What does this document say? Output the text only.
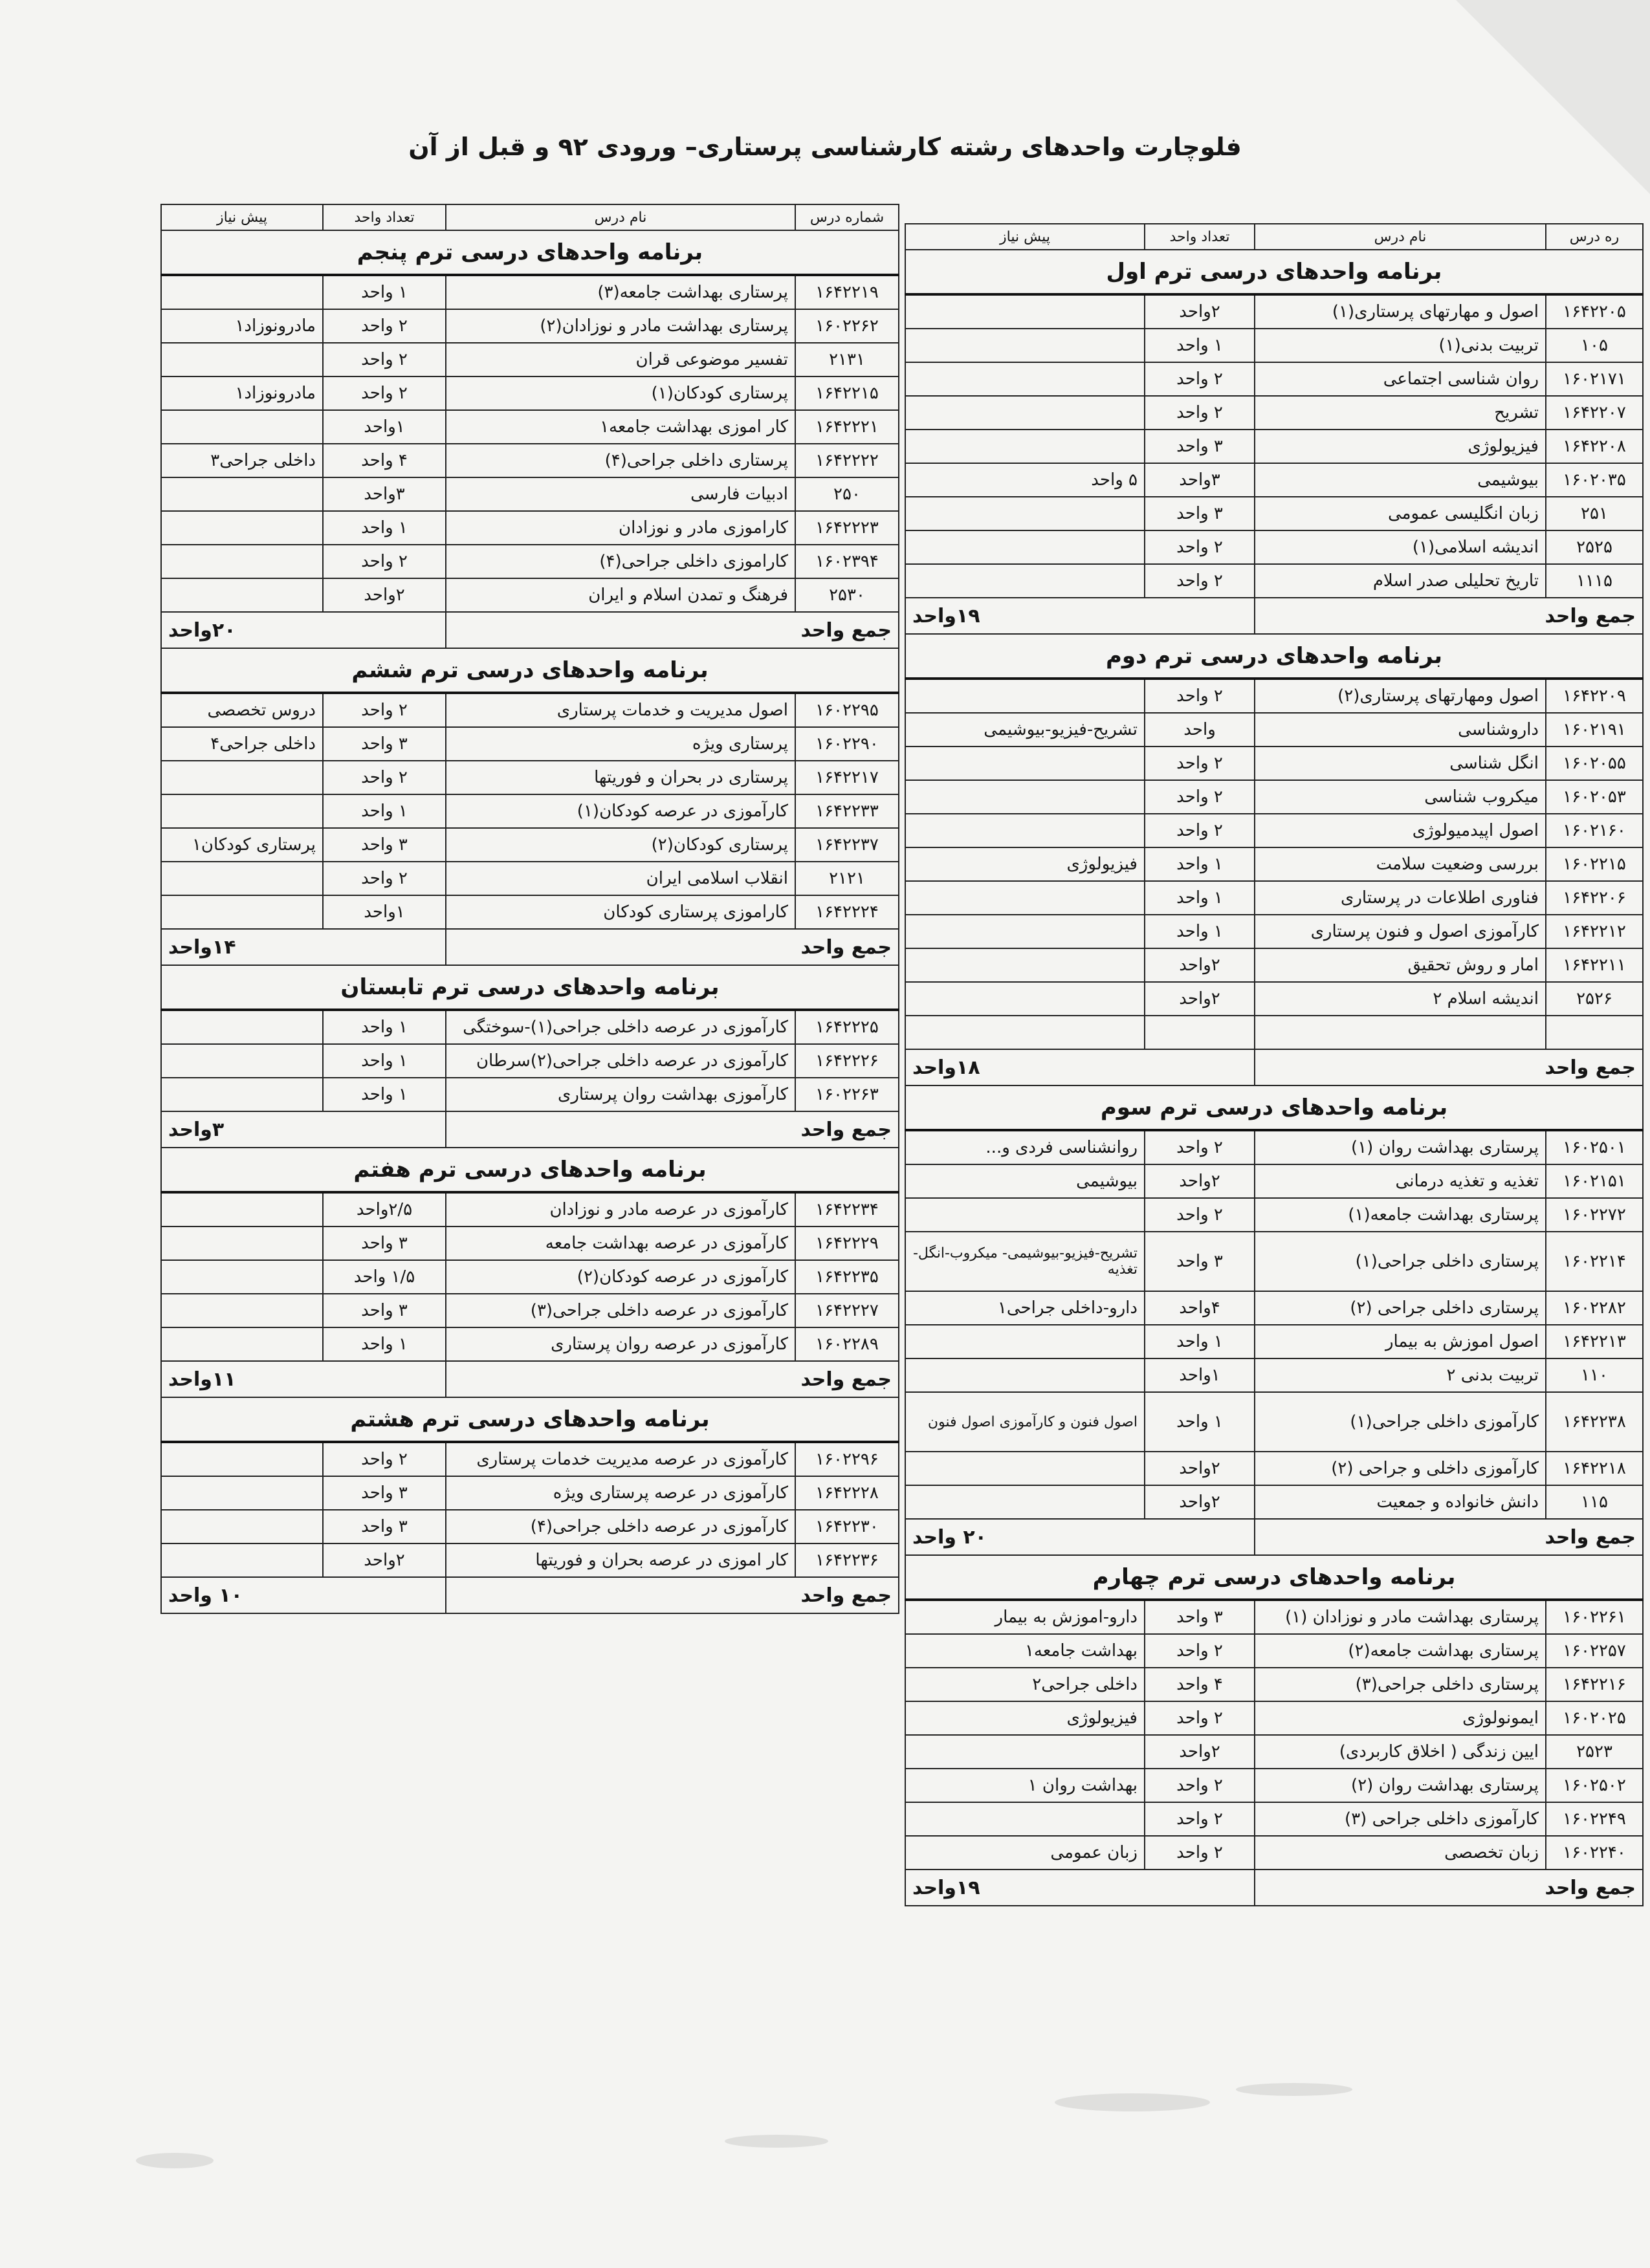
فلوچارت واحدهای رشته کارشناسی پرستاری– ورودی ۹۲ و قبل از آن
ره درس	نام درس	تعداد واحد	پیش نیاز
برنامه واحدهای درسی ترم اول			
۱۶۴۲۲۰۵	اصول و مهارتهای پرستاری(۱)	۲واحد	
۱۰۵	تربیت بدنی(۱)	۱ واحد	
۱۶۰۲۱۷۱	روان شناسی اجتماعی	۲ واحد	
۱۶۴۲۲۰۷	تشریح	۲ واحد	
۱۶۴۲۲۰۸	فیزیولوژی	۳ واحد	
۱۶۰۲۰۳۵	بیوشیمی	۳واحد	۵ واحد
۲۵۱	زبان انگلیسی عمومی	۳ واحد	
۲۵۲۵	اندیشه اسلامی(۱)	۲ واحد	
۱۱۱۵	تاریخ تحلیلی صدر اسلام	۲ واحد	
جمع واحد		۱۹واحد	
برنامه واحدهای درسی ترم دوم			
۱۶۴۲۲۰۹	اصول ومهارتهای پرستاری(۲)	۲ واحد	
۱۶۰۲۱۹۱	داروشناسی	واحد	تشریح-فیزیو-بیوشیمی
۱۶۰۲۰۵۵	انگل شناسی	۲ واحد	
۱۶۰۲۰۵۳	میکروب شناسی	۲ واحد	
۱۶۰۲۱۶۰	اصول اپیدمیولوژی	۲ واحد	
۱۶۰۲۲۱۵	بررسی وضعیت سلامت	۱ واحد	فیزیولوژی
۱۶۴۲۲۰۶	فناوری اطلاعات در پرستاری	۱ واحد	
۱۶۴۲۲۱۲	کارآموزی اصول و فنون پرستاری	۱ واحد	
۱۶۴۲۲۱۱	امار و روش تحقیق	۲واحد	
۲۵۲۶	اندیشه اسلام ۲	۲واحد	

جمع واحد		۱۸واحد	
برنامه واحدهای درسی ترم سوم			
۱۶۰۲۵۰۱	پرستاری بهداشت روان (۱)	۲ واحد	روانشناسی فردی و...
۱۶۰۲۱۵۱	تغذیه و تغذیه درمانی	۲واحد	بیوشیمی
۱۶۰۲۲۷۲	پرستاری بهداشت جامعه(۱)	۲ واحد	
۱۶۰۲۲۱۴	پرستاری داخلی جراحی(۱)	۳ واحد	تشریح-فیزیو-بیوشیمی- میکروب-انگل-تغذیه
۱۶۰۲۲۸۲	پرستاری داخلی جراحی (۲)	۴واحد	دارو-داخلی جراحی۱
۱۶۴۲۲۱۳	اصول اموزش به بیمار	۱ واحد	
۱۱۰	تربیت بدنی ۲	۱واحد	
۱۶۴۲۲۳۸	کارآموزی داخلی جراحی(۱)	۱ واحد	اصول فنون و کارآموزی اصول فنون
۱۶۴۲۲۱۸	کارآموزی داخلی و جراحی (۲)	۲واحد	
۱۱۵	دانش خانواده و جمعیت	۲واحد	
جمع واحد		۲۰ واحد	
برنامه واحدهای درسی ترم چهارم			
۱۶۰۲۲۶۱	پرستاری بهداشت مادر و نوزادان (۱)	۳ واحد	دارو-اموزش به بیمار
۱۶۰۲۲۵۷	پرستاری بهداشت جامعه(۲)	۲ واحد	بهداشت جامعه۱
۱۶۴۲۲۱۶	پرستاری داخلی جراحی(۳)	۴ واحد	داخلی جراحی۲
۱۶۰۲۰۲۵	ایمونولوژی	۲ واحد	فیزیولوژی
۲۵۲۳	ایین زندگی ( اخلاق کاربردی)	۲واحد	
۱۶۰۲۵۰۲	پرستاری بهداشت روان (۲)	۲ واحد	بهداشت روان ۱
۱۶۰۲۲۴۹	کارآموزی داخلی جراحی (۳)	۲ واحد	
۱۶۰۲۲۴۰	زبان تخصصی	۲ واحد	زبان عمومی
جمع واحد		۱۹واحد	
شماره درس	نام درس	تعداد واحد	پیش نیاز
برنامه واحدهای درسی ترم پنجم			
۱۶۴۲۲۱۹	پرستاری بهداشت جامعه(۳)	۱ واحد	
۱۶۰۲۲۶۲	پرستاری بهداشت مادر و نوزادان(۲)	۲ واحد	مادرونوزاد۱
۲۱۳۱	تفسیر موضوعی قران	۲ واحد	
۱۶۴۲۲۱۵	پرستاری کودکان(۱)	۲ واحد	مادرونوزاد۱
۱۶۴۲۲۲۱	کار اموزی بهداشت جامعه۱	۱واحد	
۱۶۴۲۲۲۲	پرستاری داخلی جراحی(۴)	۴ واحد	داخلی جراحی۳
۲۵۰	ادبیات فارسی	۳واحد	
۱۶۴۲۲۲۳	کاراموزی مادر و نوزادان	۱ واحد	
۱۶۰۲۳۹۴	کاراموزی داخلی جراحی(۴)	۲ واحد	
۲۵۳۰	فرهنگ و تمدن اسلام و ایران	۲واحد	
جمع واحد		۲۰واحد	
برنامه واحدهای درسی ترم ششم			
۱۶۰۲۲۹۵	اصول مدیریت و خدمات پرستاری	۲ واحد	دروس تخصصی
۱۶۰۲۲۹۰	پرستاری ویژه	۳ واحد	داخلی جراحی۴
۱۶۴۲۲۱۷	پرستاری در بحران و فوریتها	۲ واحد	
۱۶۴۲۲۳۳	کارآموزی در عرصه کودکان(۱)	۱ واحد	
۱۶۴۲۲۳۷	پرستاری کودکان(۲)	۳ واحد	پرستاری کودکان۱
۲۱۲۱	انقلاب اسلامی ایران	۲ واحد	
۱۶۴۲۲۲۴	کاراموزی پرستاری کودکان	۱واحد	
جمع واحد		۱۴واحد	
برنامه واحدهای درسی ترم تابستان			
۱۶۴۲۲۲۵	کارآموزی در عرصه داخلی جراحی(۱)-سوختگی	۱ واحد	
۱۶۴۲۲۲۶	کارآموزی در عرصه داخلی جراحی(۲)سرطان	۱ واحد	
۱۶۰۲۲۶۳	کارآموزی بهداشت روان پرستاری	۱ واحد	
جمع واحد		۳واحد	
برنامه واحدهای درسی ترم هفتم			
۱۶۴۲۲۳۴	کارآموزی در عرصه مادر و نوزادان	۲/۵واحد	
۱۶۴۲۲۲۹	کارآموزی در عرصه بهداشت جامعه	۳ واحد	
۱۶۴۲۲۳۵	کارآموزی در عرصه کودکان(۲)	۱/۵ واحد	
۱۶۴۲۲۲۷	کارآموزی در عرصه داخلی جراحی(۳)	۳ واحد	
۱۶۰۲۲۸۹	کارآموزی در عرصه روان پرستاری	۱ واحد	
جمع واحد		۱۱واحد	
برنامه واحدهای درسی ترم هشتم			
۱۶۰۲۲۹۶	کارآموزی در عرصه مدیریت خدمات پرستاری	۲ واحد	
۱۶۴۲۲۲۸	کارآموزی در عرصه پرستاری ویژه	۳ واحد	
۱۶۴۲۲۳۰	کارآموزی در عرصه داخلی جراحی(۴)	۳ واحد	
۱۶۴۲۲۳۶	کار اموزی در عرصه بحران و فوریتها	۲واحد	
جمع واحد		۱۰ واحد	
